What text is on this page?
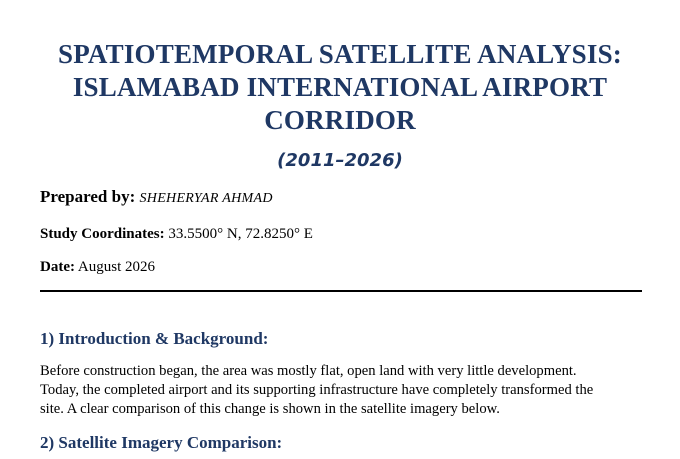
SPATIOTEMPORAL SATELLITE ANALYSIS:
ISLAMABAD INTERNATIONAL AIRPORT
CORRIDOR
(2011–2026)
Prepared by: SHEHERYAR AHMAD
Study Coordinates: 33.5500° N, 72.8250° E
Date: August 2026
1) Introduction & Background:

Before construction began, the area was mostly flat, open land with very little development.
Today, the completed airport and its supporting infrastructure have completely transformed the
site. A clear comparison of this change is shown in the satellite imagery below.

2) Satellite Imagery Comparison:
